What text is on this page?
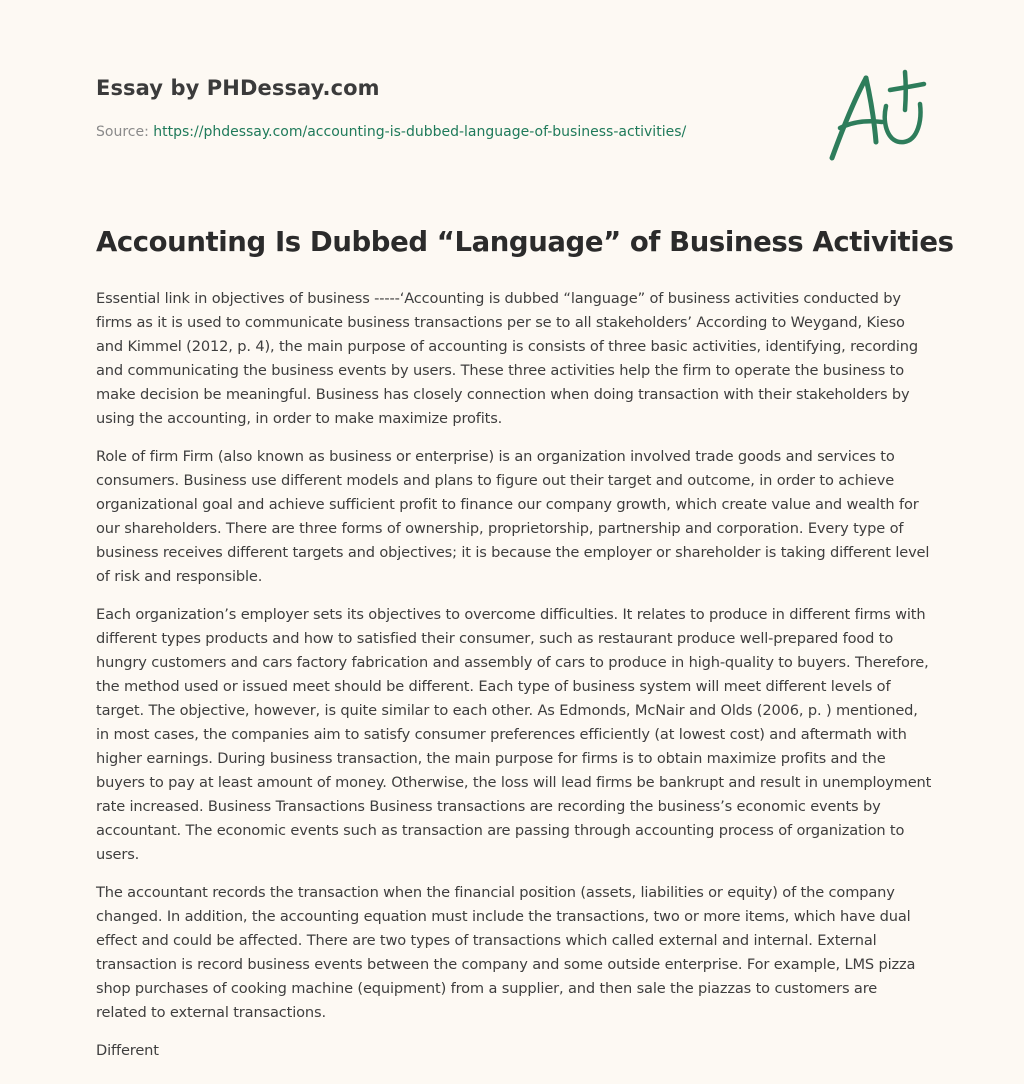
Essay by PHDessay.com
Source: https://phdessay.com/accounting-is-dubbed-language-of-business-activities/
Accounting Is Dubbed “Language” of Business Activities

Essential link in objectives of business -----‘Accounting is dubbed “language” of business activities conducted by firms as it is used to communicate business transactions per se to all stakeholders’ According to Weygand, Kieso and Kimmel (2012, p. 4), the main purpose of accounting is consists of three basic activities, identifying, recording and communicating the business events by users. These three activities help the firm to operate the business to make decision be meaningful. Business has closely connection when doing transaction with their stakeholders by using the accounting, in order to make maximize profits.

Role of firm Firm (also known as business or enterprise) is an organization involved trade goods and services to consumers. Business use different models and plans to figure out their target and outcome, in order to achieve organizational goal and achieve sufficient profit to finance our company growth, which create value and wealth for our shareholders. There are three forms of ownership, proprietorship, partnership and corporation. Every type of business receives different targets and objectives; it is because the employer or shareholder is taking different level of risk and responsible.

Each organization’s employer sets its objectives to overcome difficulties. It relates to produce in different firms with different types products and how to satisfied their consumer, such as restaurant produce well-prepared food to hungry customers and cars factory fabrication and assembly of cars to produce in high-quality to buyers. Therefore, the method used or issued meet should be different. Each type of business system will meet different levels of target. The objective, however, is quite similar to each other. As Edmonds, McNair and Olds (2006, p. ) mentioned, in most cases, the companies aim to satisfy consumer preferences efficiently (at lowest cost) and aftermath with higher earnings. During business transaction, the main purpose for firms is to obtain maximize profits and the buyers to pay at least amount of money. Otherwise, the loss will lead firms be bankrupt and result in unemployment rate increased. Business Transactions Business transactions are recording the business’s economic events by accountant. The economic events such as transaction are passing through accounting process of organization to users.

The accountant records the transaction when the financial position (assets, liabilities or equity) of the company changed. In addition, the accounting equation must include the transactions, two or more items, which have dual effect and could be affected. There are two types of transactions which called external and internal. External transaction is record business events between the company and some outside enterprise. For example, LMS pizza shop purchases of cooking machine (equipment) from a supplier, and then sale the piazzas to customers are related to external transactions.

Different
